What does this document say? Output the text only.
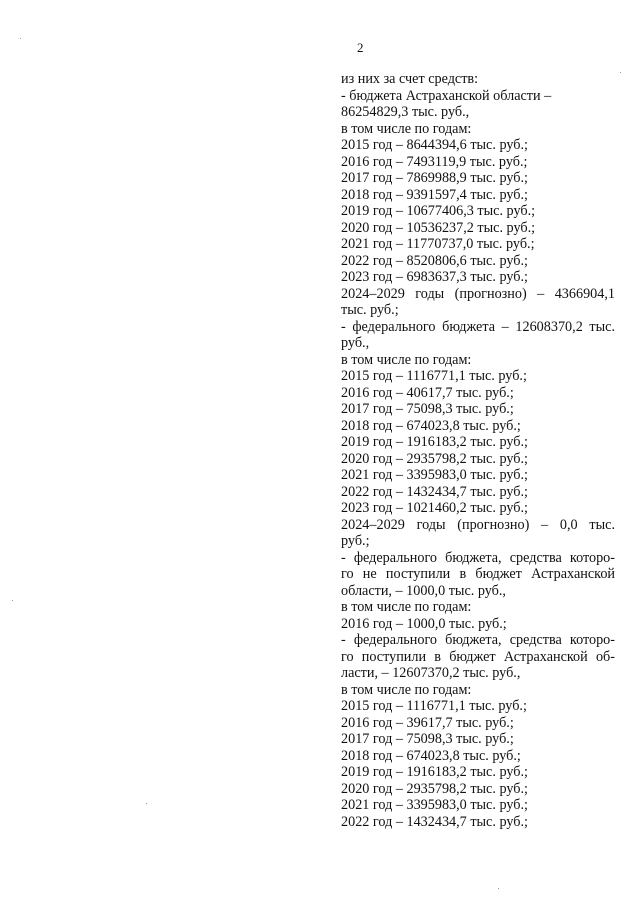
2
из них за счет средств:
- бюджета Астраханской области –
86254829,3 тыс. руб.,
в том числе по годам:
2015 год – 8644394,6 тыс. руб.;
2016 год – 7493119,9 тыс. руб.;
2017 год – 7869988,9 тыс. руб.;
2018 год – 9391597,4 тыс. руб.;
2019 год – 10677406,3 тыс. руб.;
2020 год – 10536237,2 тыс. руб.;
2021 год – 11770737,0 тыс. руб.;
2022 год – 8520806,6 тыс. руб.;
2023 год – 6983637,3 тыс. руб.;
2024–2029 годы (прогнозно) – 4366904,1
тыс. руб.;
- федерального бюджета – 12608370,2 тыс.
руб.,
в том числе по годам:
2015 год – 1116771,1 тыс. руб.;
2016 год – 40617,7 тыс. руб.;
2017 год – 75098,3 тыс. руб.;
2018 год – 674023,8 тыс. руб.;
2019 год – 1916183,2 тыс. руб.;
2020 год – 2935798,2 тыс. руб.;
2021 год – 3395983,0 тыс. руб.;
2022 год – 1432434,7 тыс. руб.;
2023 год – 1021460,2 тыс. руб.;
2024–2029 годы (прогнозно) – 0,0 тыс.
руб.;
- федерального бюджета, средства которо-
го не поступили в бюджет Астраханской
области, – 1000,0 тыс. руб.,
в том числе по годам:
2016 год – 1000,0 тыс. руб.;
- федерального бюджета, средства которо-
го поступили в бюджет Астраханской об-
ласти, – 12607370,2 тыс. руб.,
в том числе по годам:
2015 год – 1116771,1 тыс. руб.;
2016 год – 39617,7 тыс. руб.;
2017 год – 75098,3 тыс. руб.;
2018 год – 674023,8 тыс. руб.;
2019 год – 1916183,2 тыс. руб.;
2020 год – 2935798,2 тыс. руб.;
2021 год – 3395983,0 тыс. руб.;
2022 год – 1432434,7 тыс. руб.;
